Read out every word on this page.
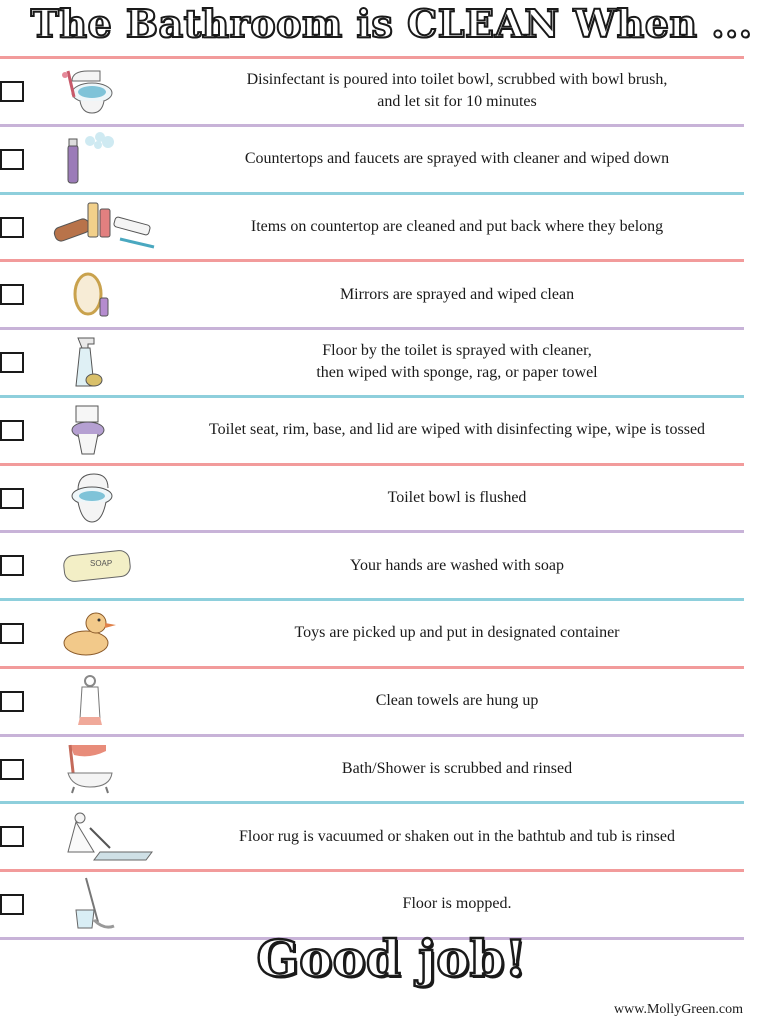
The Bathroom is CLEAN When ...
Disinfectant is poured into toilet bowl, scrubbed with bowl brush,
and let sit for 10 minutes
Countertops and faucets are sprayed with cleaner and wiped down
Items on countertop are cleaned and put back where they belong
Mirrors are sprayed and wiped clean
Floor by the toilet is sprayed with cleaner,
then wiped with sponge, rag, or paper towel
Toilet seat, rim, base, and lid are wiped with disinfecting wipe, wipe is tossed
Toilet bowl is flushed
SOAP	Your hands are washed with soap
Toys are picked up and put in designated container
Clean towels are hung up
Bath/Shower is scrubbed and rinsed
Floor rug is vacuumed or shaken out in the bathtub and tub is rinsed
Floor is mopped.
Good job!
www.MollyGreen.com
